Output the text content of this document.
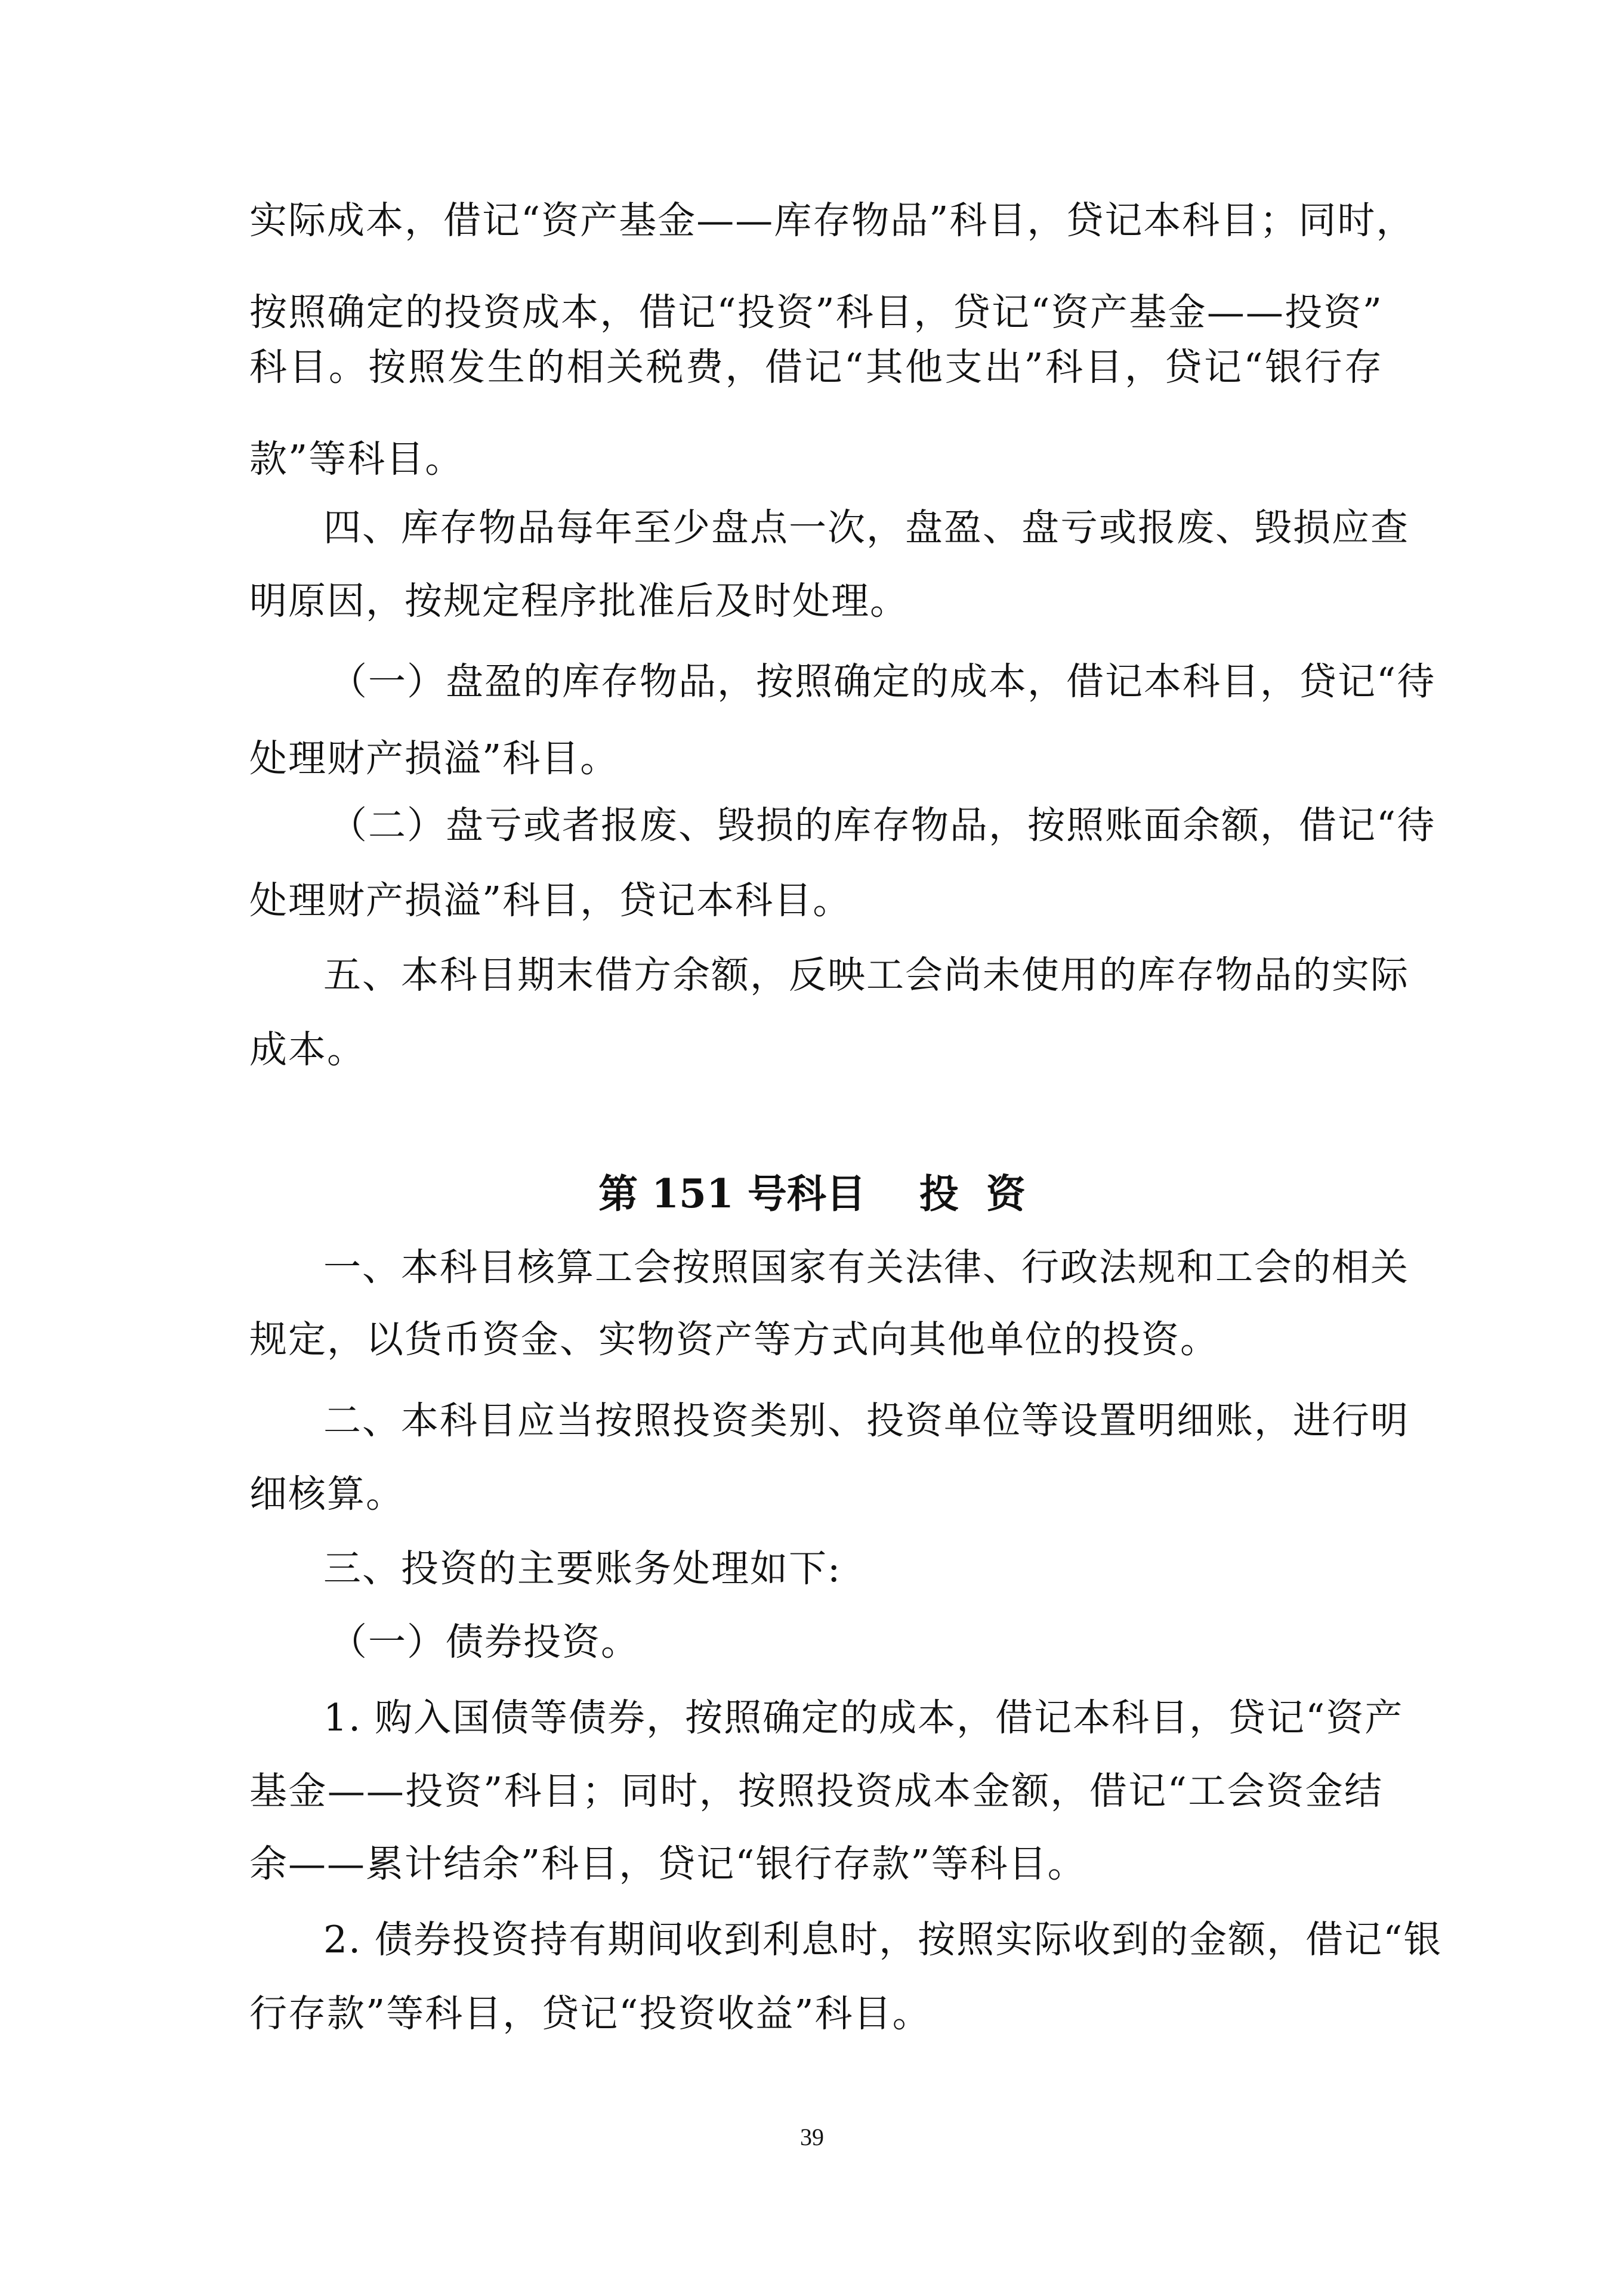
实际成本，借记“资产基金——库存物品”科目，贷记本科目；同时，
按照确定的投资成本，借记“投资”科目，贷记“资产基金——投资”
科目。按照发生的相关税费，借记“其他支出”科目，贷记“银行存
款”等科目。
四、库存物品每年至少盘点一次，盘盈、盘亏或报废、毁损应查
明原因，按规定程序批准后及时处理。
（一）盘盈的库存物品，按照确定的成本，借记本科目，贷记“待
处理财产损溢”科目。
（二）盘亏或者报废、毁损的库存物品，按照账面余额，借记“待
处理财产损溢”科目，贷记本科目。
五、本科目期末借方余额，反映工会尚未使用的库存物品的实际
成本。
第 151 号科目 投  资
一、本科目核算工会按照国家有关法律、行政法规和工会的相关
规定，以货币资金、实物资产等方式向其他单位的投资。
二、本科目应当按照投资类别、投资单位等设置明细账，进行明
细核算。
三、投资的主要账务处理如下:
（一）债券投资。
1. 购入国债等债券，按照确定的成本，借记本科目，贷记“资产
基金——投资”科目；同时，按照投资成本金额，借记“工会资金结
余——累计结余”科目，贷记“银行存款”等科目。
2. 债券投资持有期间收到利息时，按照实际收到的金额，借记“银
行存款”等科目，贷记“投资收益”科目。
39
